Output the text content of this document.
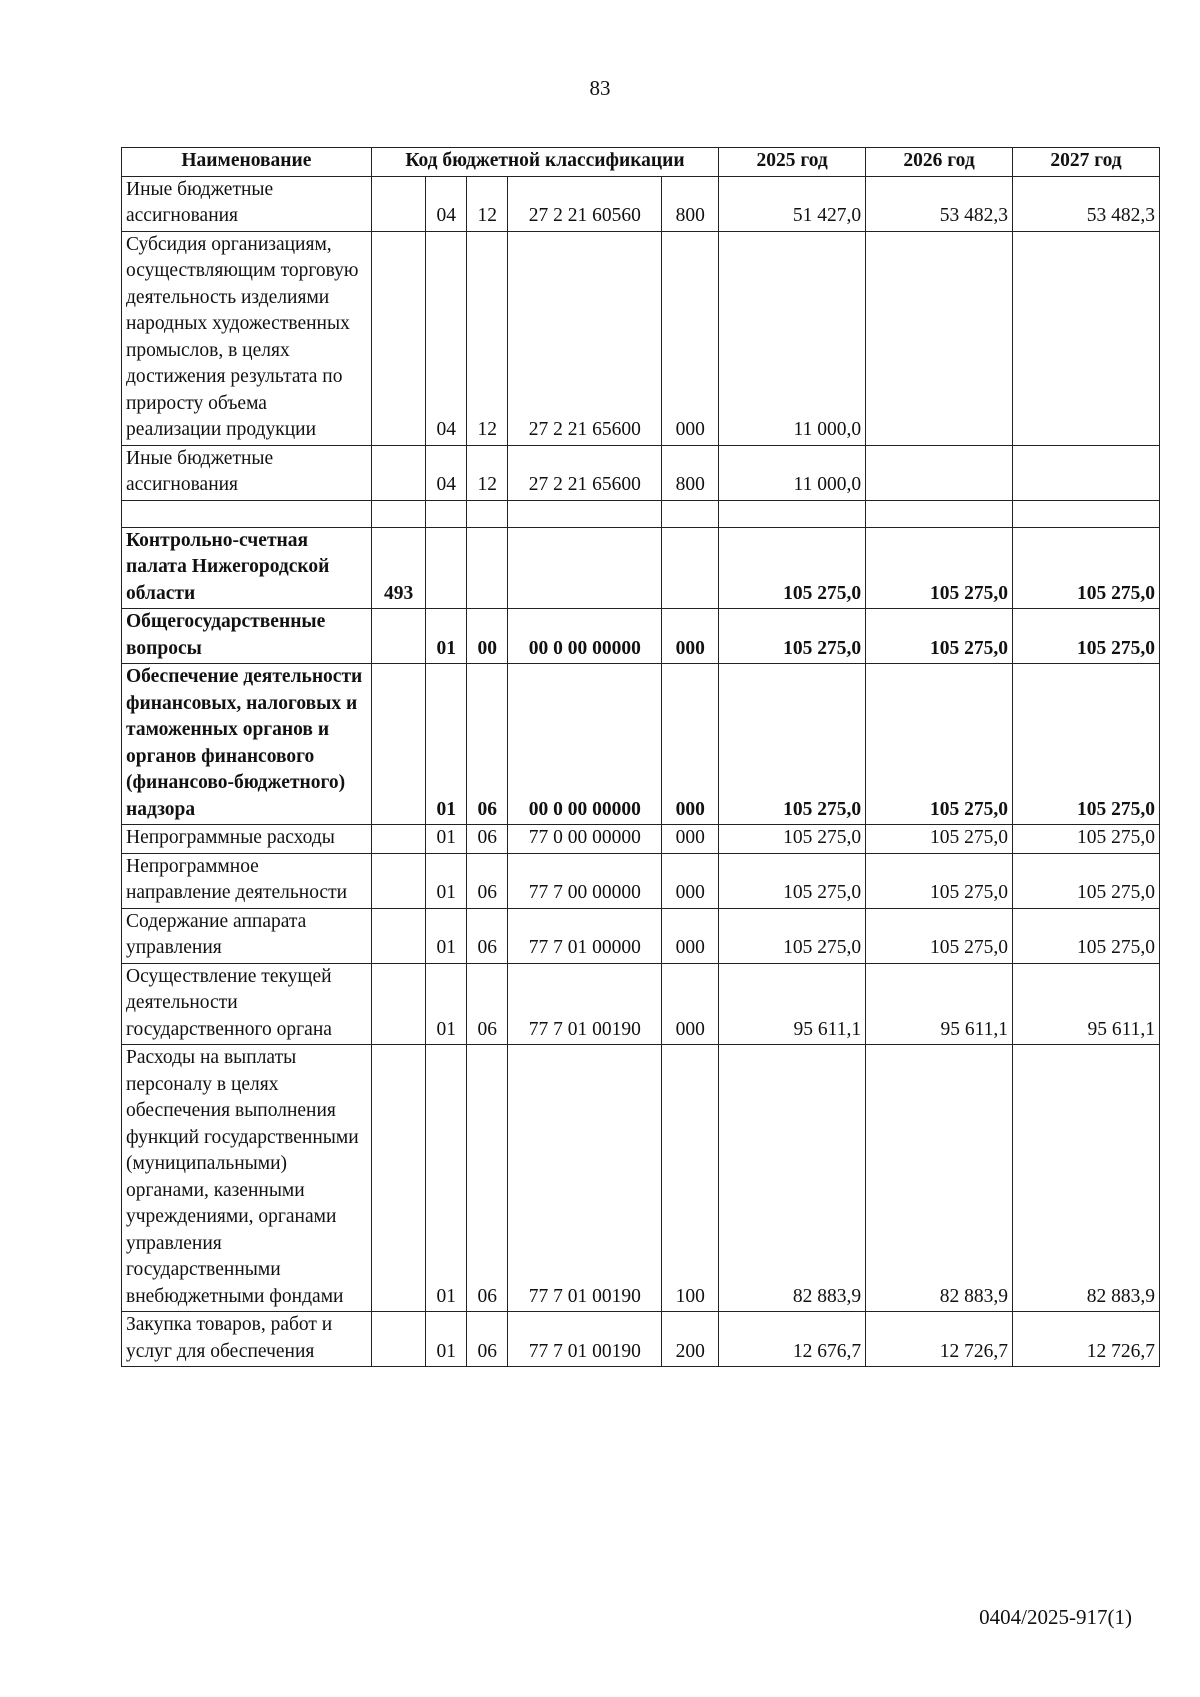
83
Наименование	Код бюджетной классификации					2025 год	2026 год	2027 год
Иные бюджетные ассигнования		04	12	27 2 21 60560	800	51 427,0	53 482,3	53 482,3
Субсидия организациям, осуществляющим торговую деятельность изделиями народных художественных промыслов, в целях достижения результата по приросту объема реализации продукции		04	12	27 2 21 65600	000	11 000,0		
Иные бюджетные ассигнования		04	12	27 2 21 65600	800	11 000,0		

Контрольно-счетная палата Нижегородской области	493					105 275,0	105 275,0	105 275,0
Общегосударственные вопросы		01	00	00 0 00 00000	000	105 275,0	105 275,0	105 275,0
Обеспечение деятельности финансовых, налоговых и таможенных органов и органов финансового (финансово-бюджетного) надзора		01	06	00 0 00 00000	000	105 275,0	105 275,0	105 275,0
Непрограммные расходы		01	06	77 0 00 00000	000	105 275,0	105 275,0	105 275,0
Непрограммное направление деятельности		01	06	77 7 00 00000	000	105 275,0	105 275,0	105 275,0
Содержание аппарата управления		01	06	77 7 01 00000	000	105 275,0	105 275,0	105 275,0
Осуществление текущей деятельности государственного органа		01	06	77 7 01 00190	000	95 611,1	95 611,1	95 611,1
Расходы на выплаты персоналу в целях обеспечения выполнения функций государственными (муниципальными) органами, казенными учреждениями, органами управления государственными внебюджетными фондами		01	06	77 7 01 00190	100	82 883,9	82 883,9	82 883,9
Закупка товаров, работ и услуг для обеспечения		01	06	77 7 01 00190	200	12 676,7	12 726,7	12 726,7
0404/2025-917(1)
